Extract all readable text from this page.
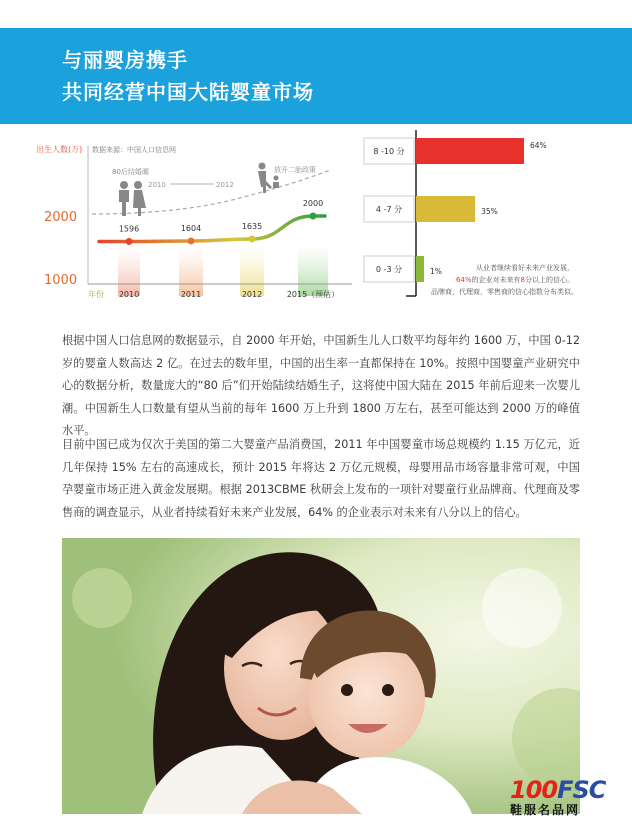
与丽婴房携手
共同经营中国大陆婴童市场
出生人数(万) 数据来源：中国人口信息网
2000
1000
年份
80后结婚潮
2010	2012
放开二胎政策
1596
2010
1604
2011
1635
2012
2000
2015（预估）
8 -10 分
64%
4 -7 分	35%
0 -3 分	1%	从业者继续看好未来产业发展，
64%的企业对未来有8分以上的信心。
品牌商，代理商，零售商的信心指数分布类似。
根据中国人口信息网的数据显示，自 2000 年开始，中国新生儿人口数平均每年约 1600 万，中国 0-12 岁的婴童人数高达 2 亿。在过去的数年里，中国的出生率一直都保持在 10%。按照中国婴童产业研究中心的数据分析，数量庞大的“80 后”们开始陆续结婚生子，这将使中国大陆在 2015 年前后迎来一次婴儿潮。中国新生人口数量有望从当前的每年 1600 万上升到 1800 万左右，甚至可能达到 2000 万的峰值水平。
目前中国已成为仅次于美国的第二大婴童产品消费国，2011 年中国婴童市场总规模约 1.15 万亿元，近几年保持 15% 左右的高速成长，预计 2015 年将达 2 万亿元规模，母婴用品市场容量非常可观，中国孕婴童市场正进入黄金发展期。根据 2013CBME 秋研会上发布的一项针对婴童行业品牌商、代理商及零售商的调查显示，从业者持续看好未来产业发展，64% 的企业表示对未来有八分以上的信心。
100FSC
鞋服名品网
